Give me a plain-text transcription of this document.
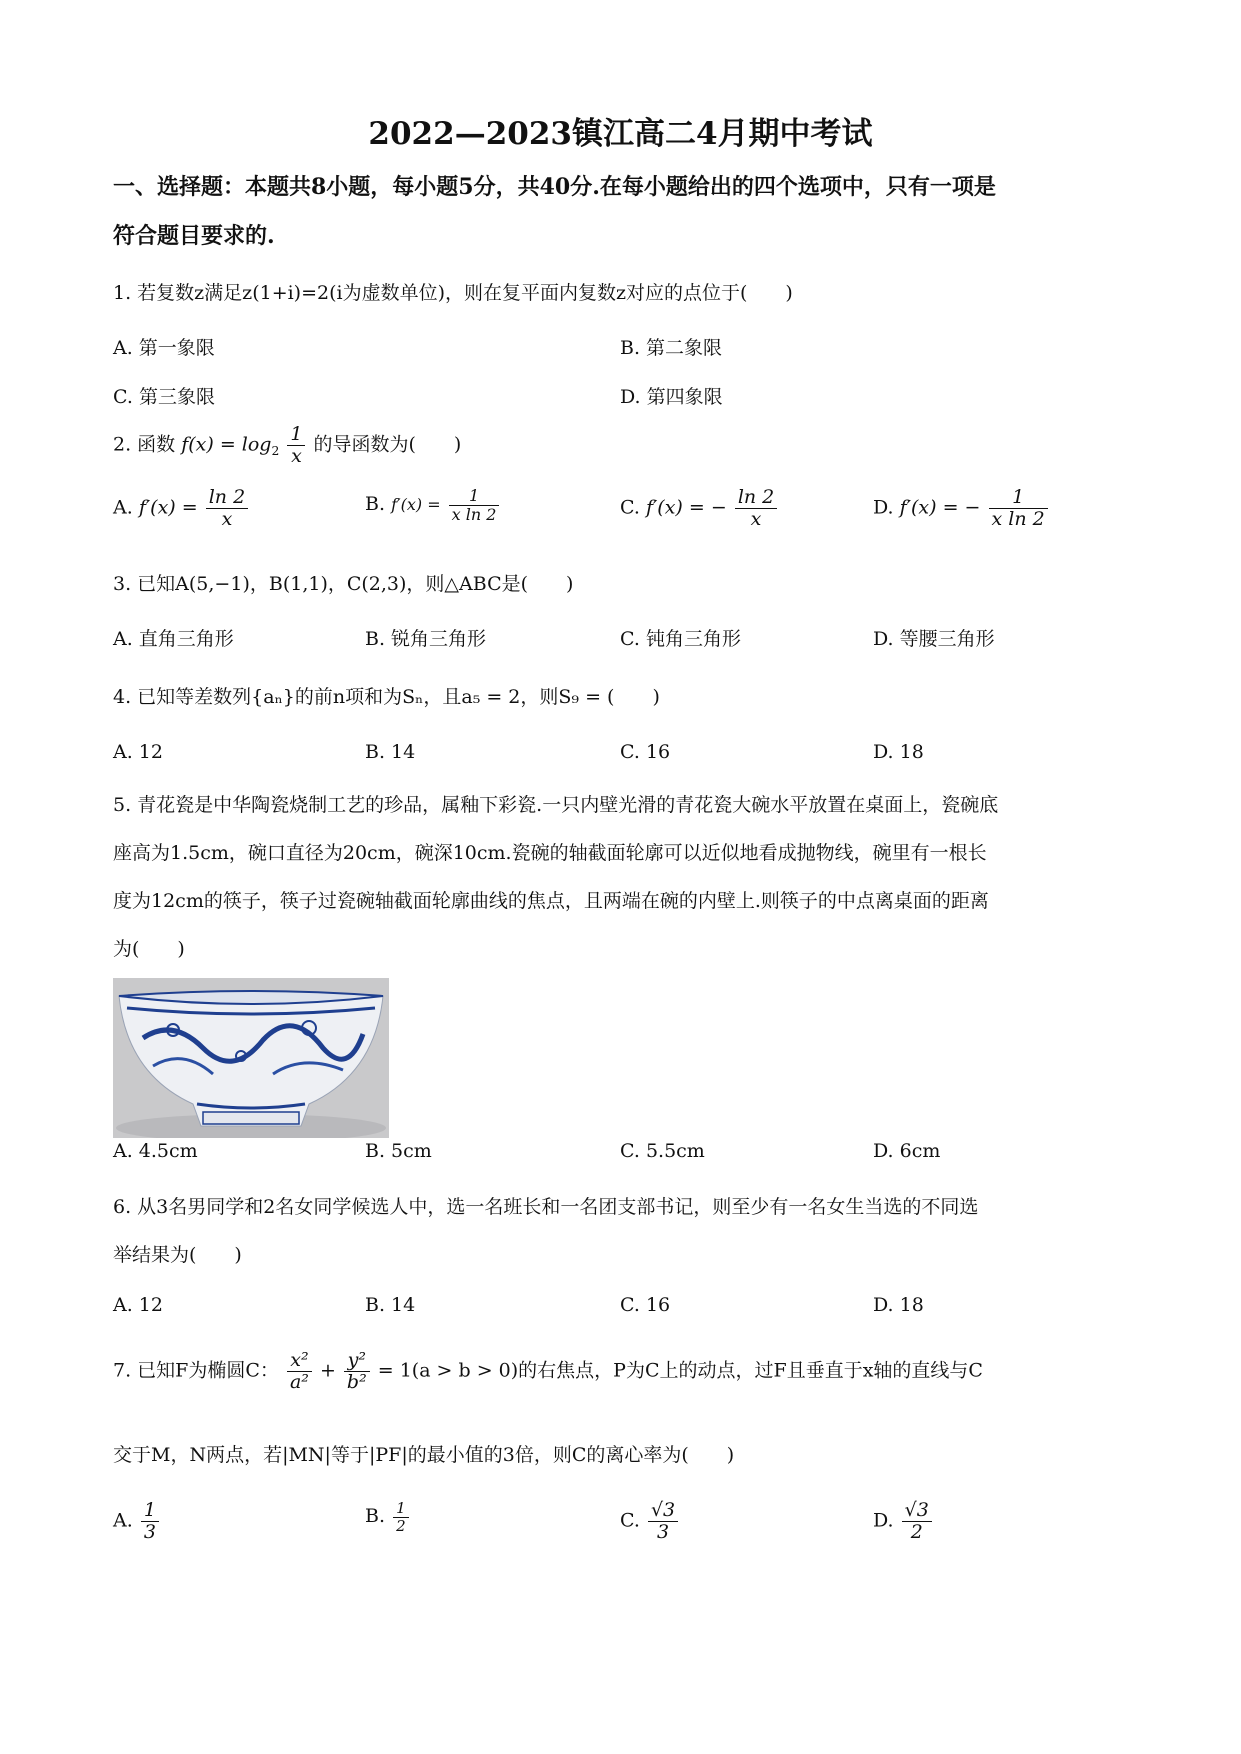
2022—2023镇江高二4月期中考试
一、选择题：本题共8小题，每小题5分，共40分.在每小题给出的四个选项中，只有一项是
符合题目要求的.
1. 若复数z满足z(1+i)=2(i为虚数单位)，则在复平面内复数z对应的点位于(　　)
A. 第一象限	B. 第二象限
C. 第三象限	D. 第四象限
2. 函数 $f(x) = \log_2 \frac{1}{x}$ 的导函数为(　　)
A. $f'(x) = \frac{\ln 2}{x}$	B. $f'(x) = \frac{1}{\text{x ln 2}}$	C. f′(x) = − $\frac{\ln 2}{x}$	D. f′(x) = − $\frac{1}{\text{x ln 2}}$
3. 已知A(5,−1)，B(1,1)，C(2,3)，则△ABC是(　　)
A. 直角三角形	B. 锐角三角形	C. 钝角三角形	D. 等腰三角形
4. 已知等差数列{aₙ}的前n项和为Sₙ，且a₅ = 2，则S₉ = (　　)
A. 12	B. 14	C. 16	D. 18
5. 青花瓷是中华陶瓷烧制工艺的珍品，属釉下彩瓷.一只内壁光滑的青花瓷大碗水平放置在桌面上，瓷碗底
座高为1.5cm，碗口直径为20cm，碗深10cm.瓷碗的轴截面轮廓可以近似地看成抛物线，碗里有一根长
度为12cm的筷子，筷子过瓷碗轴截面轮廓曲线的焦点，且两端在碗的内壁上.则筷子的中点离桌面的距离
为(　　)
A. 4.5cm	B. 5cm	C. 5.5cm	D. 6cm
6. 从3名男同学和2名女同学候选人中，选一名班长和一名团支部书记，则至少有一名女生当选的不同选
举结果为(　　)
A. 12	B. 14	C. 16	D. 18
7. 已知F为椭圆C： $\frac{\text{x²}}{\text{a²}} + \frac{\text{y²}}{\text{b²}} = 1(a > b > 0)$的右焦点，P为C上的动点，过F且垂直于x轴的直线与C
交于M，N两点，若|MN|等于|PF|的最小值的3倍，则C的离心率为(　　)
A. $\frac{1}{3}$	B. $\frac{1}{2}$	C. $\frac{√3}{3}$	D. $\frac{√3}{2}$
